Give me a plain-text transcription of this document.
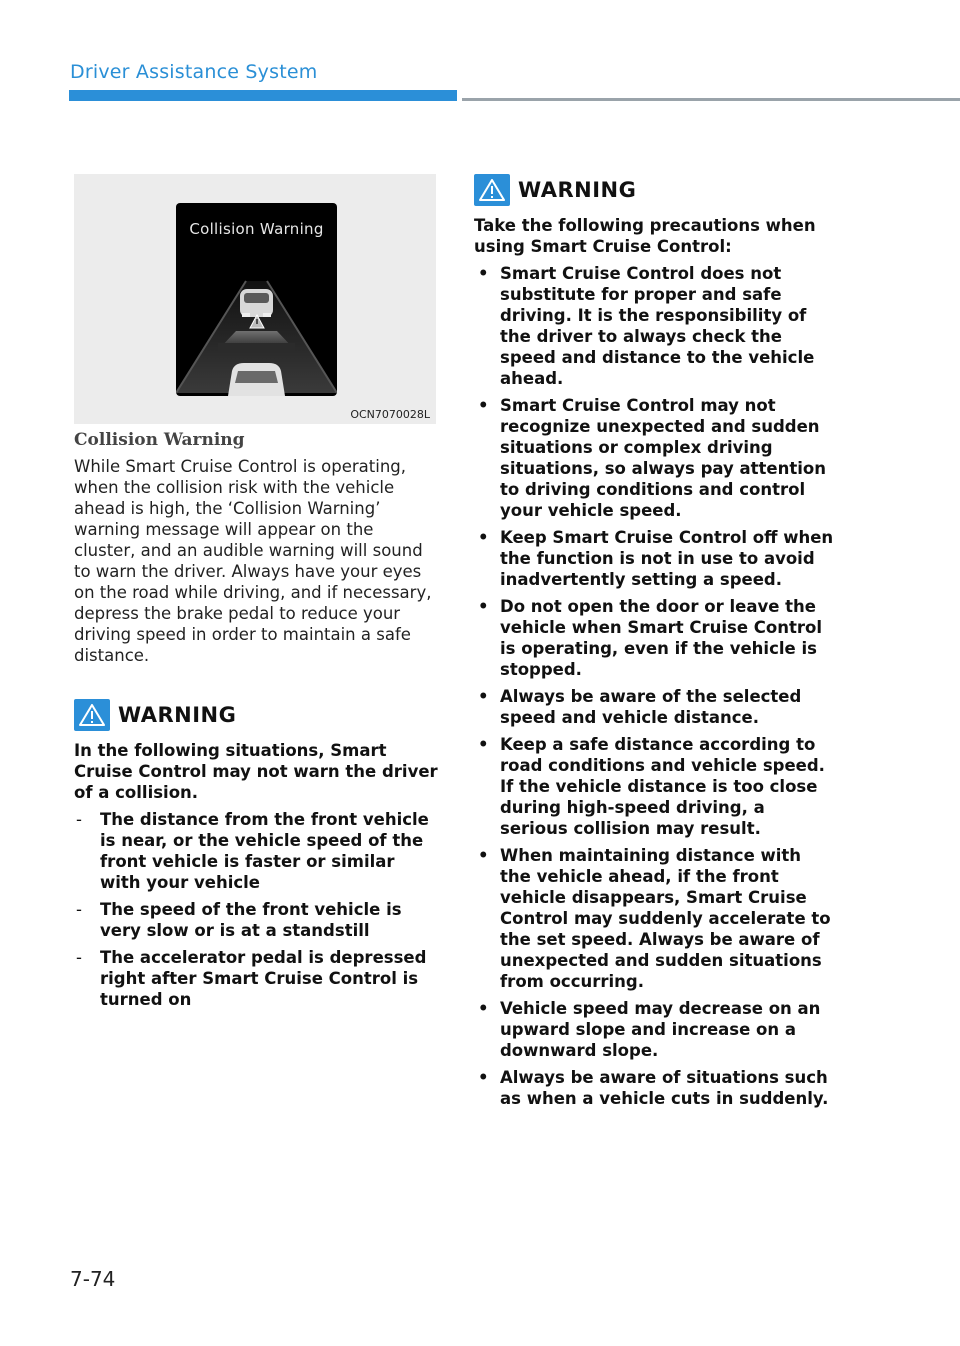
Driver Assistance System
Collision Warning
OCN7070028L
Collision Warning

While Smart Cruise Control is operating, when the collision risk with the vehicle ahead is high, the ‘Collision Warning’ warning message will appear on the cluster, and an audible warning will sound to warn the driver. Always have your eyes on the road while driving, and if necessary, depress the brake pedal to reduce your driving speed in order to maintain a safe distance.

WARNING

In the following situations, Smart Cruise Control may not warn the driver of a collision.

- The distance from the front vehicle is near, or the vehicle speed of the front vehicle is faster or similar with your vehicle
- The speed of the front vehicle is very slow or is at a standstill
- The accelerator pedal is depressed right after Smart Cruise Control is turned on
WARNING

Take the following precautions when using Smart Cruise Control:

• Smart Cruise Control does not substitute for proper and safe driving. It is the responsibility of the driver to always check the speed and distance to the vehicle ahead.
• Smart Cruise Control may not recognize unexpected and sudden situations or complex driving situations, so always pay attention to driving conditions and control your vehicle speed.
• Keep Smart Cruise Control off when the function is not in use to avoid inadvertently setting a speed.
• Do not open the door or leave the vehicle when Smart Cruise Control is operating, even if the vehicle is stopped.
• Always be aware of the selected speed and vehicle distance.
• Keep a safe distance according to road conditions and vehicle speed. If the vehicle distance is too close during high-speed driving, a serious collision may result.
• When maintaining distance with the vehicle ahead, if the front vehicle disappears, Smart Cruise Control may suddenly accelerate to the set speed. Always be aware of unexpected and sudden situations from occurring.
• Vehicle speed may decrease on an upward slope and increase on a downward slope.
• Always be aware of situations such as when a vehicle cuts in suddenly.
7-74
